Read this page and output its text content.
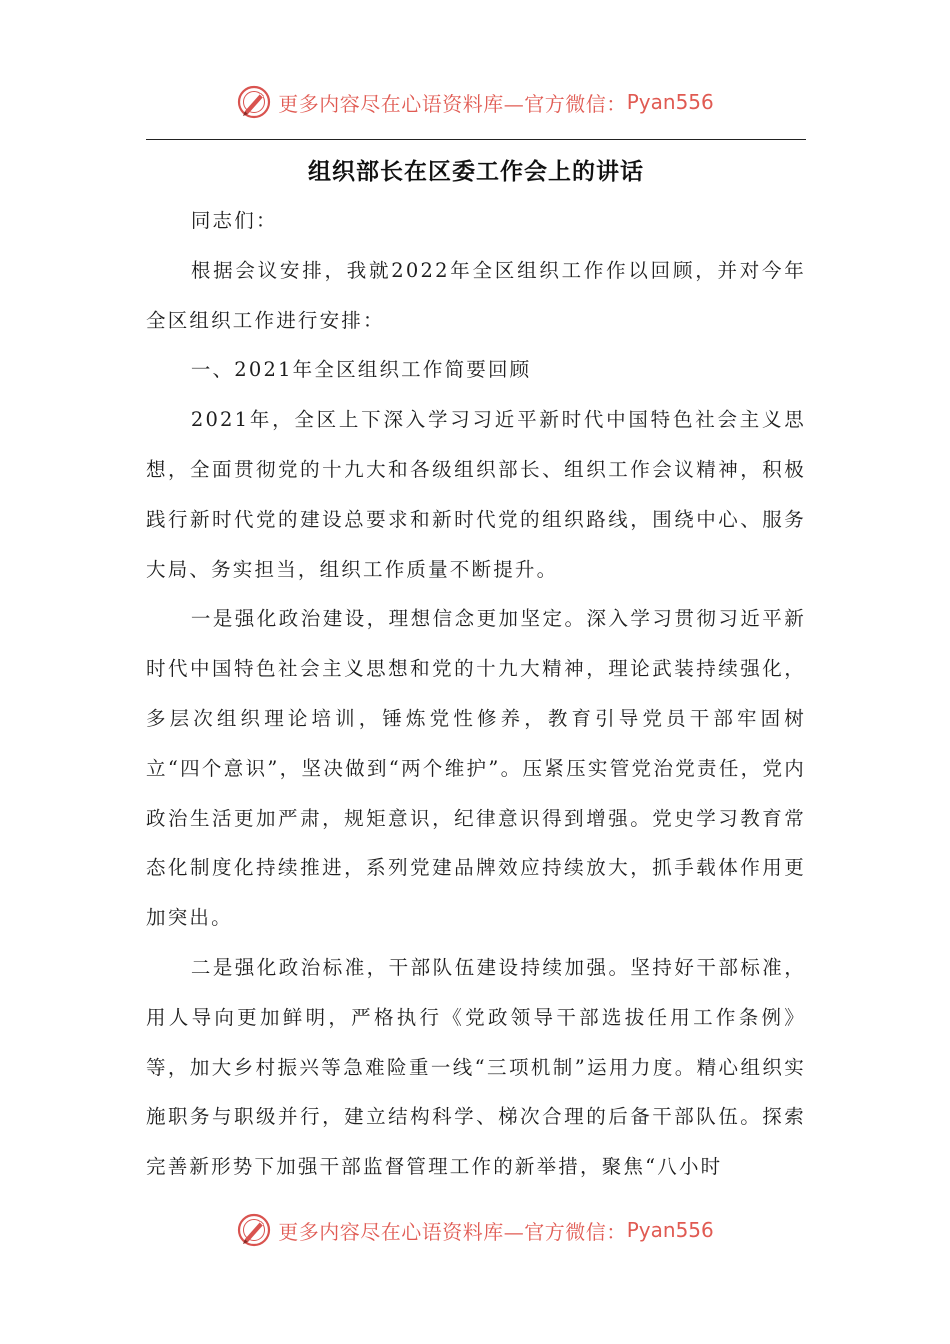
更多内容尽在心语资料库—官方微信： Pyan556
组织部长在区委工作会上的讲话

同志们：

根据会议安排，我就2022年全区组织工作作以回顾，并对今年全区组织工作进行安排：

一、2021年全区组织工作简要回顾

2021年，全区上下深入学习习近平新时代中国特色社会主义思想，全面贯彻党的十九大和各级组织部长、组织工作会议精神，积极践行新时代党的建设总要求和新时代党的组织路线，围绕中心、服务大局、务实担当，组织工作质量不断提升。

一是强化政治建设，理想信念更加坚定。深入学习贯彻习近平新时代中国特色社会主义思想和党的十九大精神，理论武装持续强化，多层次组织理论培训，锤炼党性修养，教育引导党员干部牢固树立“四个意识”，坚决做到“两个维护”。压紧压实管党治党责任，党内政治生活更加严肃，规矩意识，纪律意识得到增强。党史学习教育常态化制度化持续推进，系列党建品牌效应持续放大，抓手载体作用更加突出。

二是强化政治标准，干部队伍建设持续加强。坚持好干部标准，用人导向更加鲜明，严格执行《党政领导干部选拔任用工作条例》等，加大乡村振兴等急难险重一线“三项机制”运用力度。精心组织实施职务与职级并行，建立结构科学、梯次合理的后备干部队伍。探索完善新形势下加强干部监督管理工作的新举措，聚焦“八小时

更多内容尽在心语资料库—官方微信： Pyan556
